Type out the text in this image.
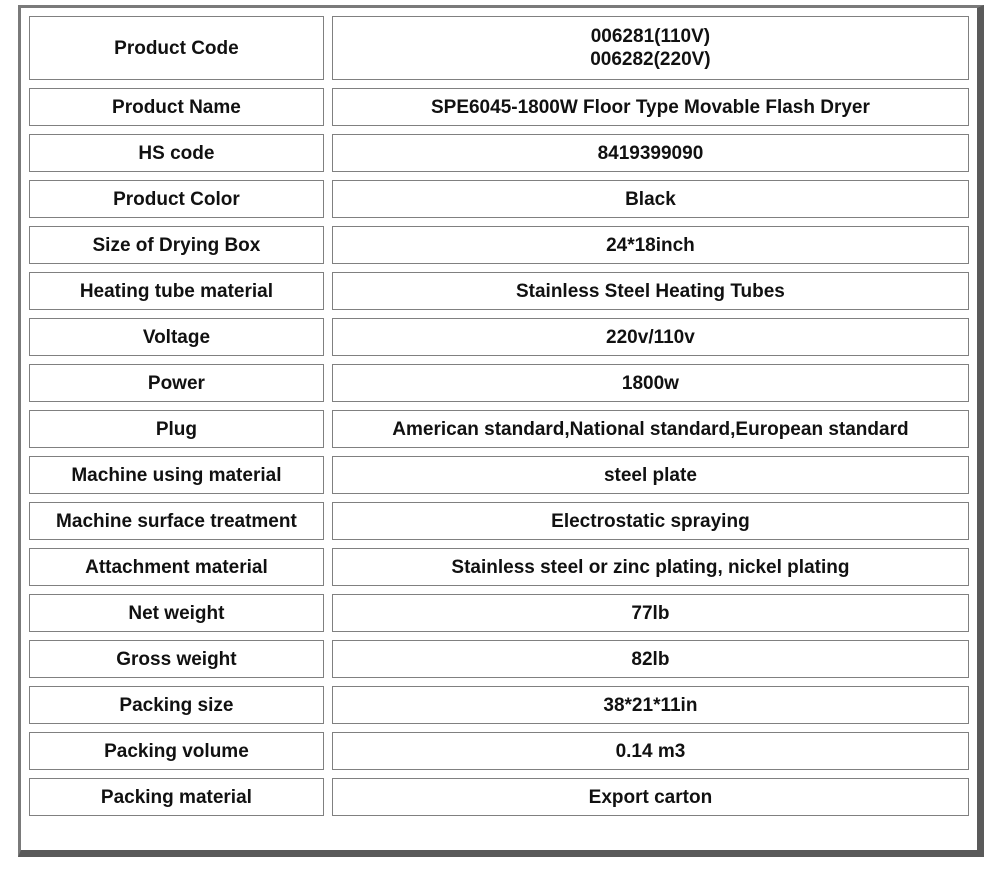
Product Code	006281(110V)
006282(220V)

Product Name	SPE6045-1800W Floor Type Movable Flash Dryer
HS code	8419399090
Product Color	Black
Size of Drying Box	24*18inch
Heating tube material	Stainless Steel Heating Tubes
Voltage	220v/110v
Power	1800w
Plug	American standard,National standard,European standard
Machine using material	steel plate
Machine surface treatment	Electrostatic spraying
Attachment material	Stainless steel or zinc plating, nickel plating
Net weight	77lb
Gross weight	82lb
Packing size	38*21*11in
Packing volume	0.14 m3
Packing material	Export carton
